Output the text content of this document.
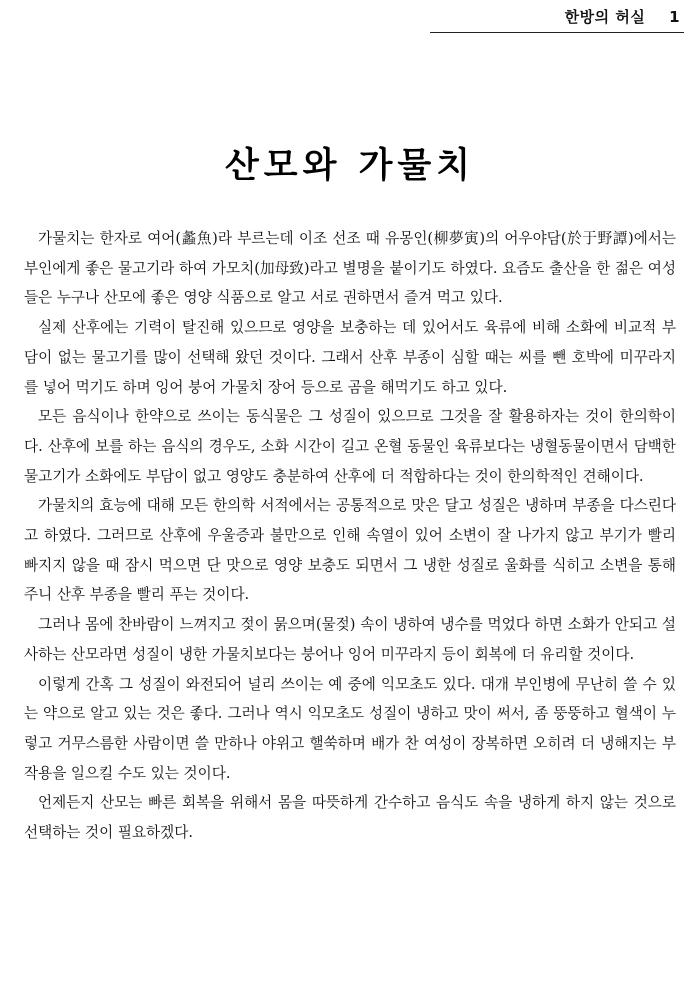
한방의 허실 1
산모와 가물치

가물치는 한자로 여어(蠡魚)라 부르는데 이조 선조 때 유몽인(柳夢寅)의 어우야담(於于野譚)에서는 부인에게 좋은 물고기라 하여 가모치(加母致)라고 별명을 붙이기도 하였다. 요즘도 출산을 한 젊은 여성들은 누구나 산모에 좋은 영양 식품으로 알고 서로 권하면서 즐겨 먹고 있다.

실제 산후에는 기력이 탈진해 있으므로 영양을 보충하는 데 있어서도 육류에 비해 소화에 비교적 부담이 없는 물고기를 많이 선택해 왔던 것이다. 그래서 산후 부종이 심할 때는 씨를 뺀 호박에 미꾸라지를 넣어 먹기도 하며 잉어 붕어 가물치 장어 등으로 곰을 해먹기도 하고 있다.

모든 음식이나 한약으로 쓰이는 동식물은 그 성질이 있으므로 그것을 잘 활용하자는 것이 한의학이다. 산후에 보를 하는 음식의 경우도, 소화 시간이 길고 온혈 동물인 육류보다는 냉혈동물이면서 담백한 물고기가 소화에도 부담이 없고 영양도 충분하여 산후에 더 적합하다는 것이 한의학적인 견해이다.

가물치의 효능에 대해 모든 한의학 서적에서는 공통적으로 맛은 달고 성질은 냉하며 부종을 다스린다고 하였다. 그러므로 산후에 우울증과 불만으로 인해 속열이 있어 소변이 잘 나가지 않고 부기가 빨리 빠지지 않을 때 잠시 먹으면 단 맛으로 영양 보충도 되면서 그 냉한 성질로 울화를 식히고 소변을 통해 주니 산후 부종을 빨리 푸는 것이다.

그러나 몸에 찬바람이 느껴지고 젖이 묽으며(물젖) 속이 냉하여 냉수를 먹었다 하면 소화가 안되고 설사하는 산모라면 성질이 냉한 가물치보다는 붕어나 잉어 미꾸라지 등이 회복에 더 유리할 것이다.

이렇게 간혹 그 성질이 와전되어 널리 쓰이는 예 중에 익모초도 있다. 대개 부인병에 무난히 쓸 수 있는 약으로 알고 있는 것은 좋다. 그러나 역시 익모초도 성질이 냉하고 맛이 써서, 좀 뚱뚱하고 혈색이 누렇고 거무스름한 사람이면 쓸 만하나 야위고 핼쑥하며 배가 찬 여성이 장복하면 오히려 더 냉해지는 부작용을 일으킬 수도 있는 것이다.

언제든지 산모는 빠른 회복을 위해서 몸을 따뜻하게 간수하고 음식도 속을 냉하게 하지 않는 것으로 선택하는 것이 필요하겠다.
